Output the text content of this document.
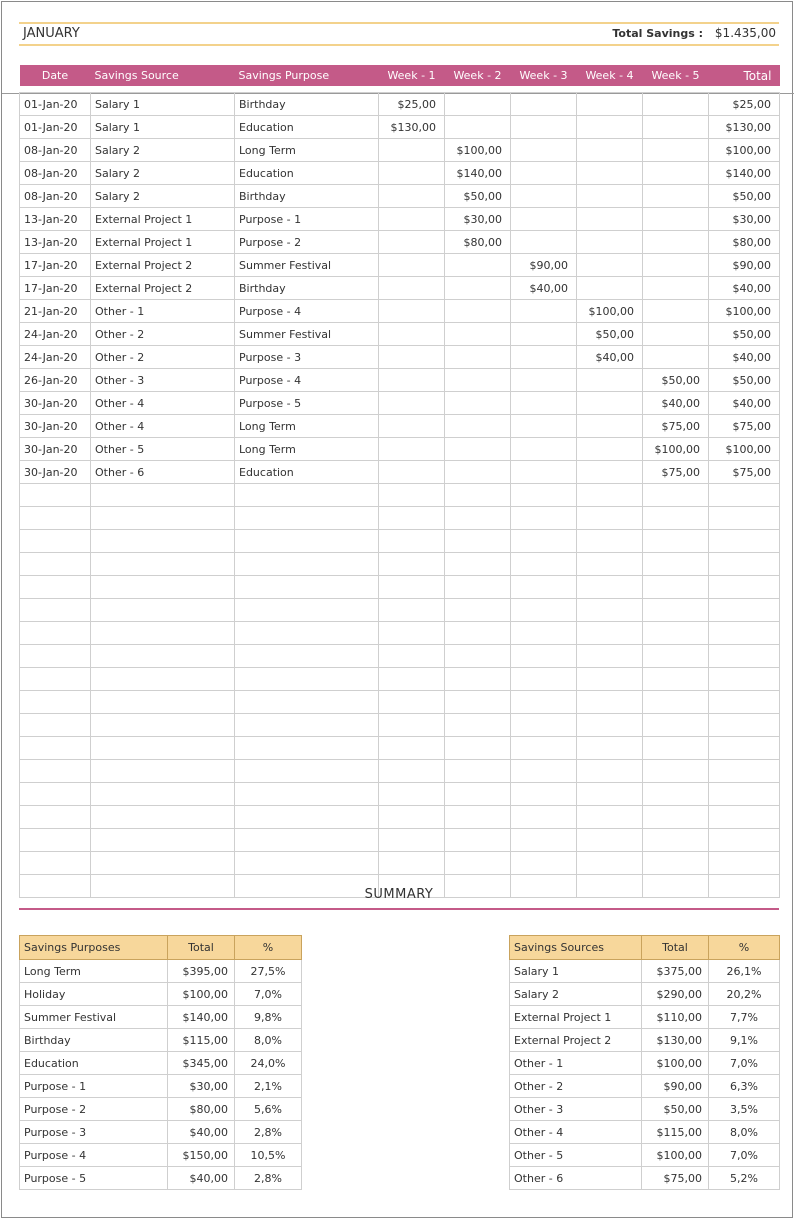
JANUARY	Total Savings : $1.435,00
Date	Savings Source	Savings Purpose	Week - 1	Week - 2	Week - 3	Week - 4	Week - 5	Total

01-Jan-20	Salary 1	Birthday	$25,00					$25,00
01-Jan-20	Salary 1	Education	$130,00					$130,00
08-Jan-20	Salary 2	Long Term		$100,00				$100,00
08-Jan-20	Salary 2	Education		$140,00				$140,00
08-Jan-20	Salary 2	Birthday		$50,00				$50,00
13-Jan-20	External Project 1	Purpose - 1		$30,00				$30,00
13-Jan-20	External Project 1	Purpose - 2		$80,00				$80,00
17-Jan-20	External Project 2	Summer Festival			$90,00			$90,00
17-Jan-20	External Project 2	Birthday			$40,00			$40,00
21-Jan-20	Other - 1	Purpose - 4				$100,00		$100,00
24-Jan-20	Other - 2	Summer Festival				$50,00		$50,00
24-Jan-20	Other - 2	Purpose - 3				$40,00		$40,00
26-Jan-20	Other - 3	Purpose - 4					$50,00	$50,00
30-Jan-20	Other - 4	Purpose - 5					$40,00	$40,00
30-Jan-20	Other - 4	Long Term					$75,00	$75,00
30-Jan-20	Other - 5	Long Term					$100,00	$100,00
30-Jan-20	Other - 6	Education					$75,00	$75,00

SUMMARY
Savings Purposes	Total	%
Long Term	$395,00	27,5%
Holiday	$100,00	7,0%
Summer Festival	$140,00	9,8%
Birthday	$115,00	8,0%
Education	$345,00	24,0%
Purpose - 1	$30,00	2,1%
Purpose - 2	$80,00	5,6%
Purpose - 3	$40,00	2,8%
Purpose - 4	$150,00	10,5%
Purpose - 5	$40,00	2,8%
Savings Sources	Total	%
Salary 1	$375,00	26,1%
Salary 2	$290,00	20,2%
External Project 1	$110,00	7,7%
External Project 2	$130,00	9,1%
Other - 1	$100,00	7,0%
Other - 2	$90,00	6,3%
Other - 3	$50,00	3,5%
Other - 4	$115,00	8,0%
Other - 5	$100,00	7,0%
Other - 6	$75,00	5,2%
